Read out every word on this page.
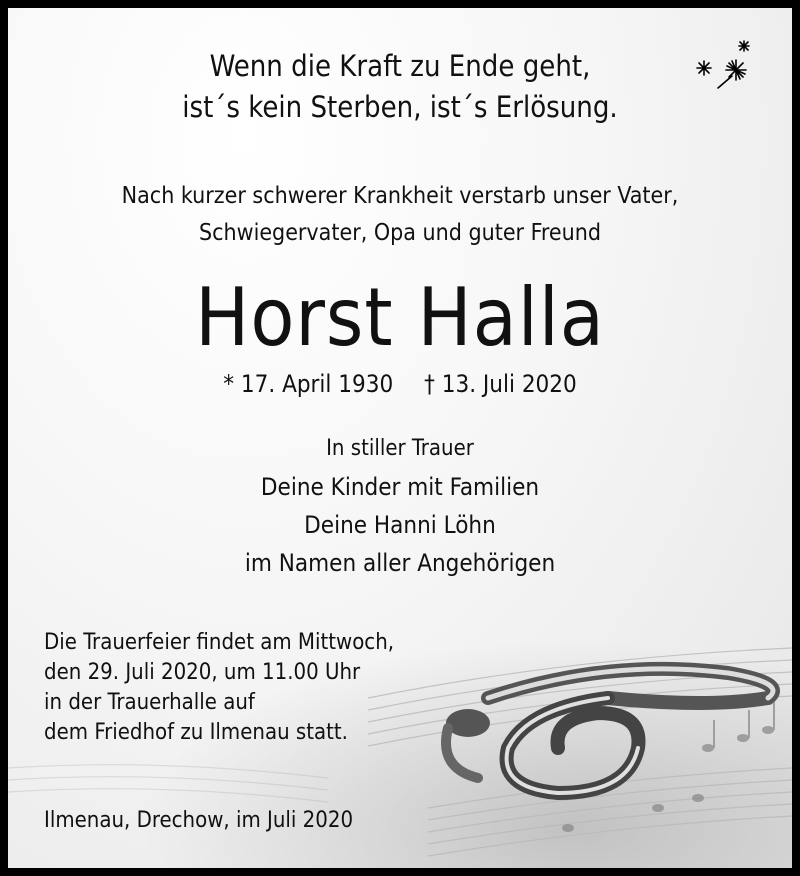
Wenn die Kraft zu Ende geht,
ist´s kein Sterben, ist´s Erlösung.
Nach kurzer schwerer Krankheit verstarb unser Vater,
Schwiegervater, Opa und guter Freund
Horst Halla
* 17. April 1930 † 13. Juli 2020
In stiller Trauer
Deine Kinder mit Familien
Deine Hanni Löhn
im Namen aller Angehörigen
Die Trauerfeier findet am Mittwoch,
den 29. Juli 2020, um 11.00 Uhr
in der Trauerhalle auf
dem Friedhof zu Ilmenau statt.
Ilmenau, Drechow, im Juli 2020
